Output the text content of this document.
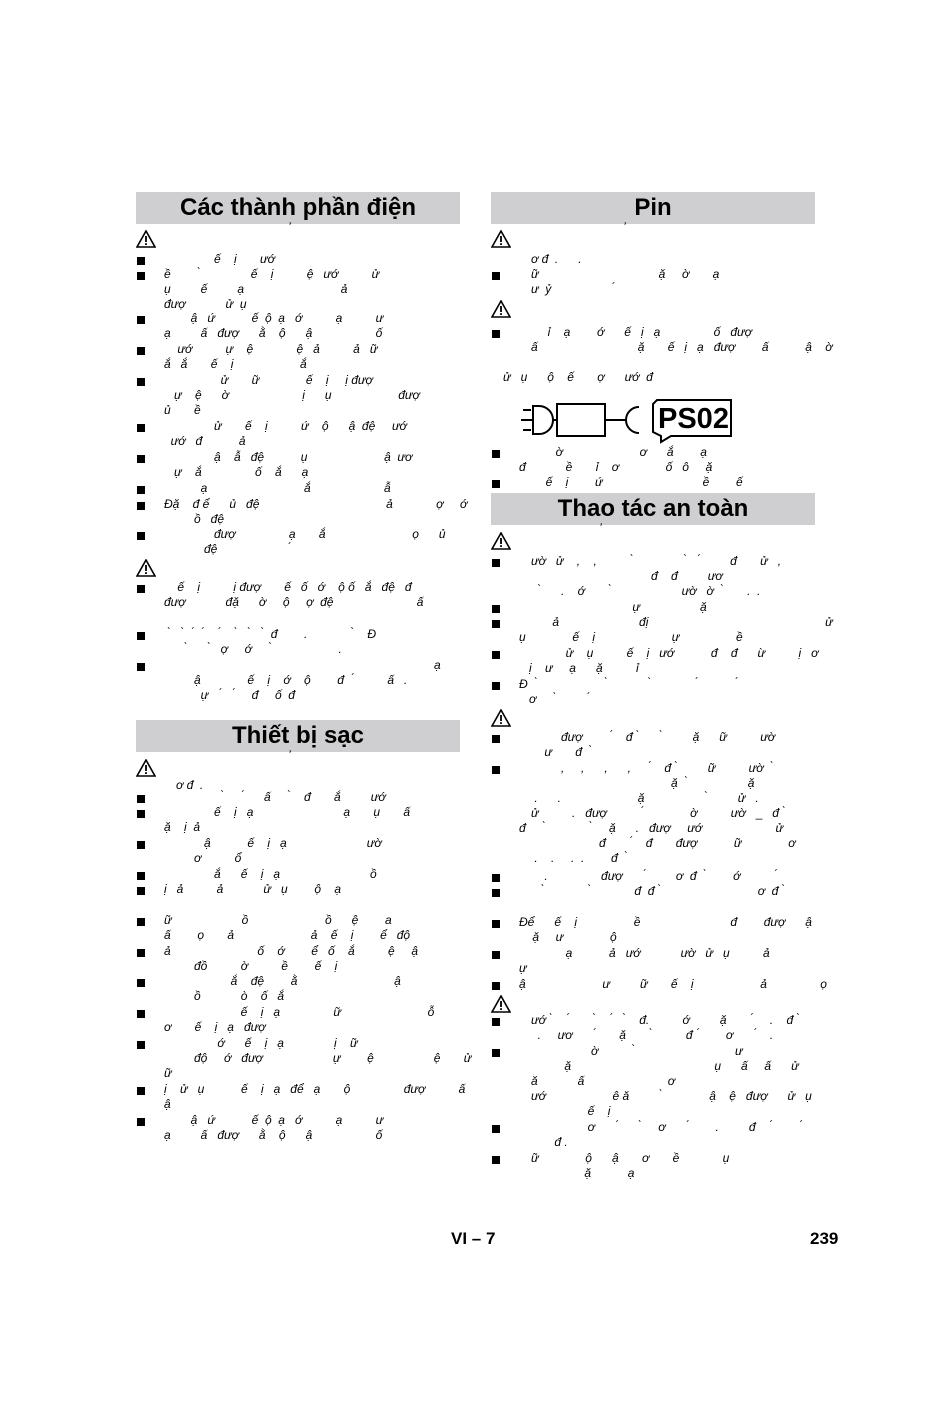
Các thành phần điện
ʼ
ế    ị       ướ
ề         ̀               ế    ị          ệ   ướ          ử
ụ         ế         ạ                             ả
đượ            ử  ụ
ậ   ứ           ế  ộ  ạ   ớ          ạ          ư
ạ         ấ   đượ      ằ    ộ      ậ                   ố
ướ          ự    ệ             ệ   ả          ả   ữ
ắ   ắ       ế    ị                    ắ
ử       ữ              ế    ị     ị đượ
ự    ệ      ờ                      ị      ụ                    đượ
ủ       ề
ử       ế    ị          ứ    ộ      ậ  đệ     ướ
ướ   đ           ả
ậ    ẫ   đệ           ụ                       ậ  ươ
ự    ắ                ố    ắ      ạ
ạ                             ắ                      ẫ
Đặ    đ ể      ủ   đệ                                      ả             ợ     ớ
ồ   đệ
đượ                ạ       ắ                          ọ      ủ
đệ                      ́
ế    ị          ị đượ       ế   ố   ớ    ộ ố   ắ   đệ   đ
đượ            đặ      ờ     ộ     ợ  đệ                         ấ
̀    ̀   ́   ́     ́     ̀    ̀    ̀  đ        .              ̀    Đ
̀       ̀   ợ     ớ      ̀                    .
ạ
ậ              ế    ị    ớ    ộ        đ   ́          ấ   .
ự    ́    ́     đ     ố  đ
Thiết bị sạc
ʼ
ơ đ  .
̀      ́      ấ      ̀    đ       ắ         ướ
ế    ị   ạ                           ạ       ụ       ấ
ặ    ị  ả
ậ           ế    ị   ạ                        ườ
ơ          ổ
ắ      ế    ị   ạ                           ồ
ị   ả          ả            ử   ụ        ộ    ạ
ữ                     ồ                       ồ      ệ        a
ấ        ọ       ả                       ả    ế    ị        ể   độ
ả                          ố    ớ        ể   ố    ắ          ệ     ậ
đồ          ờ          ề        ế    ị
ắ    đệ        ằ                             ậ
ồ            ò    ố   ắ
ế    ị   ạ                ữ                          ỗ
ơ       ế    ị   ạ   đượ
ớ      ế    ị   ạ               ị    ữ
độ     ớ   đượ                     ự        ệ                  ệ       ử
ữ
ị    ử   ụ           ế    ị   ạ   để   ạ       ộ                đượ          ấ
ậ
ậ   ứ           ế  ộ  ạ   ớ          ạ          ư
ạ         ấ   đượ      ằ    ộ      ậ                   ố
Pin
ʼ
ơ đ  .      .
ữ                                    ặ     ờ       ạ
ư  ỷ                   ́
ỉ    ạ        ớ      ế   ị   ạ                ố   đượ
ấ                              ặ       ế   ị   ạ   đượ        ấ           ậ    ờ
ử   ụ      ộ    ế       ợ      ướ  đ
PS02
ờ                       ơ      ắ        ạ
đ            ề       ỉ    ơ              ố   ô     ặ
ế    ị        ứ                              ề        ế
Thao tác an toàn
ʼ
ườ   ử    ,    ,           ̀                ̀    ́         đ       ử   ,
đ    đ         ươ
̀      .    ớ        ̀                     ườ   ờ   ̀       .  .
ự                  ặ
ả                        đị                                                     ử
ụ              ế    ị                       ự                 ề
ử    ụ          ế    ị   ướ           đ    đ      ừ          ị   ơ
ị    ư     ạ      ặ          ỉ
Đ   ̀                     ̀             ̀              ́            ́
ơ      ̀          ́
đượ         ́    đ  ̀       ̀         ặ      ữ          ườ
ư       đ   ̀
,     ,      ,      ,      ́    đ  ̀         ữ          ườ   ̀
ặ   ̀                  ặ
.      .                       ặ                   ̀         ử   .
ử          .   đượ           ́              ờ          ườ    ̲    đ  ̀
đ      ̀              ̀     ặ      .   đượ     ướ                      ử
đ        ́    đ       đượ           ữ              ơ
.    .     .  .        đ   ̀
.                đượ       ́         ơ  đ   ̀        ớ           ́
̀              ̀             đ  đ  ̀                             ơ  đ  ̀
Để      ế    ị                 ề                           đ        đượ      ậ
ặ     ư              ộ
ạ           ả   ướ            ườ   ử   ụ          ả
ự
ậ                       ư         ữ       ế    ị                    ả                ọ
ướ  ̀     ́        ̀     ́    ̀    đ.          ớ         ặ        ́     .    đ  ̀
.     ươ       ́       ặ        ̀          đ  ́        ơ       ́    .
ờ           ̀                              ư
ặ                                           ụ      ấ     ấ      ử
ă            ấ                         ơ
ướ                    ê ă          ̀              ậ    ệ   đượ      ử   ụ
ế    ị
ơ       ́       ̀     ơ       ́        .         đ     ́         ́
đ .
ữ              ộ      ậ       ơ       ề             ụ
ặ           ạ
VI – 7	239
